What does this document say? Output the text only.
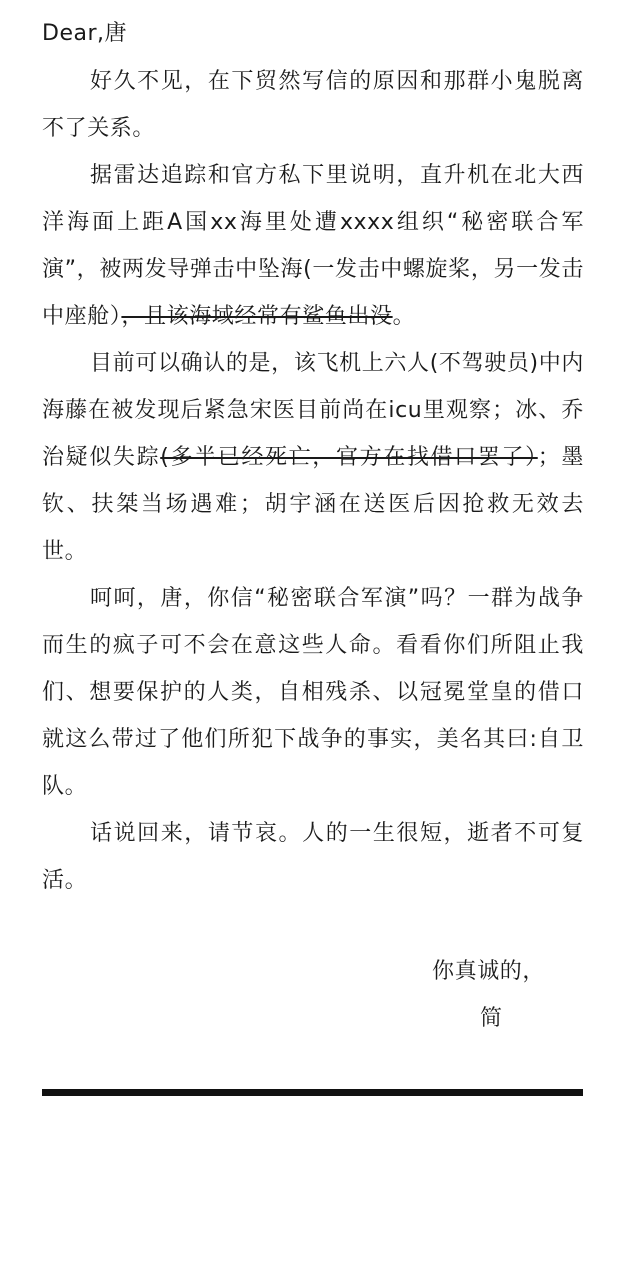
Dear,唐

好久不见，在下贸然写信的原因和那群小鬼脱离不了关系。

据雷达追踪和官方私下里说明，直升机在北大西洋海面上距A国xx海里处遭xxxx组织“秘密联合军演”，被两发导弹击中坠海(一发击中螺旋桨，另一发击中座舱），且该海域经常有鲨鱼出没。

目前可以确认的是，该飞机上六人(不驾驶员)中内海藤在被发现后紧急宋医目前尚在icu里观察；冰、乔治疑似失踪(多半已经死亡，官方在找借口罢了）；墨钦、扶桀当场遇难；胡宇涵在送医后因抢救无效去世。

呵呵，唐，你信“秘密联合军演”吗？一群为战争而生的疯子可不会在意这些人命。看看你们所阻止我们、想要保护的人类，自相残杀、以冠冕堂皇的借口就这么带过了他们所犯下战争的事实，美名其曰:自卫队。

话说回来，请节哀。人的一生很短，逝者不可复活。

你真诚的，

简
